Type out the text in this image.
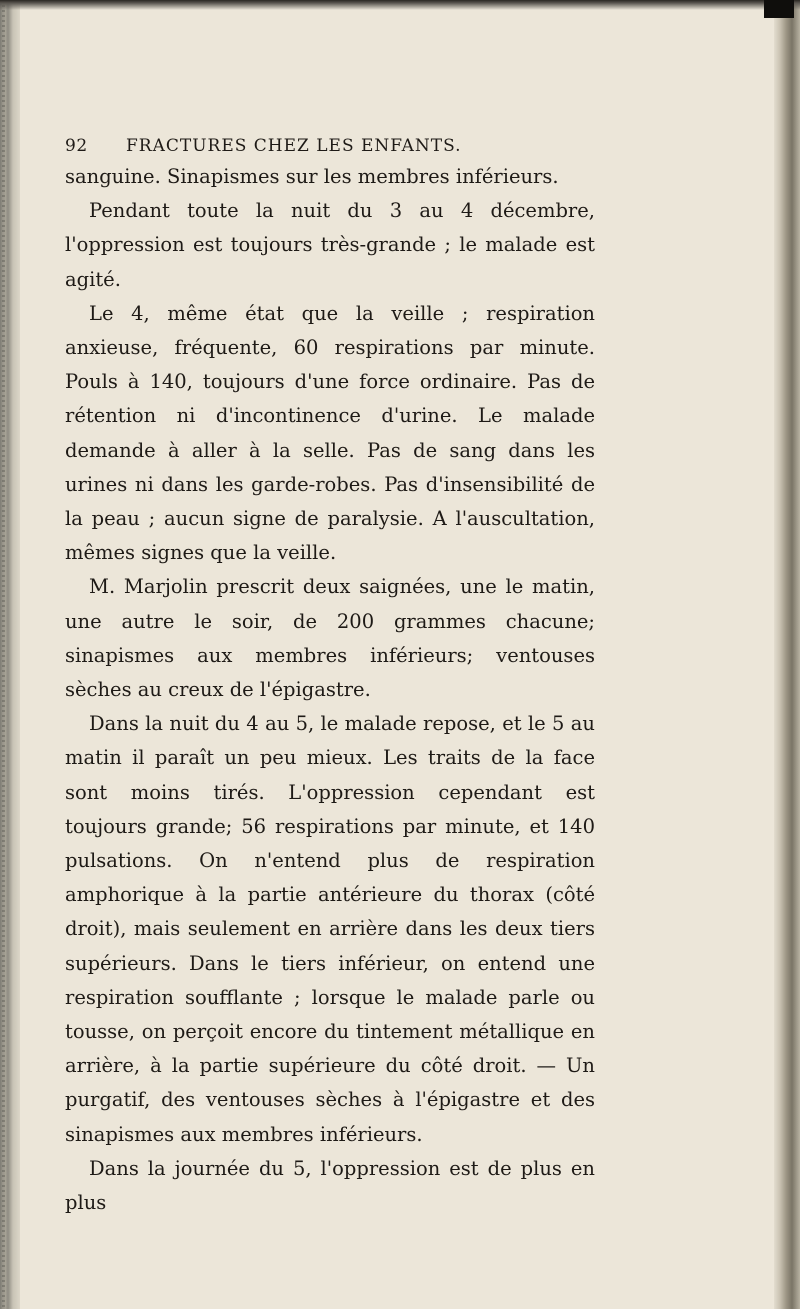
92 FRACTURES CHEZ LES ENFANTS.

sanguine. Sinapismes sur les membres inférieurs.

Pendant toute la nuit du 3 au 4 décembre, l'oppression est toujours très-grande ; le malade est agité.

Le 4, même état que la veille ; respiration anxieuse, fréquente, 60 respirations par minute. Pouls à 140, toujours d'une force ordinaire. Pas de rétention ni d'incontinence d'urine. Le malade demande à aller à la selle. Pas de sang dans les urines ni dans les garde-robes. Pas d'insensibilité de la peau ; aucun signe de paralysie. A l'auscultation, mêmes signes que la veille.

M. Marjolin prescrit deux saignées, une le matin, une autre le soir, de 200 grammes chacune; sinapismes aux membres inférieurs; ventouses sèches au creux de l'épigastre.

Dans la nuit du 4 au 5, le malade repose, et le 5 au matin il paraît un peu mieux. Les traits de la face sont moins tirés. L'oppression cependant est toujours grande; 56 respirations par minute, et 140 pulsations. On n'entend plus de respiration amphorique à la partie antérieure du thorax (côté droit), mais seulement en arrière dans les deux tiers supérieurs. Dans le tiers inférieur, on entend une respiration soufflante ; lorsque le malade parle ou tousse, on perçoit encore du tintement métallique en arrière, à la partie supérieure du côté droit. — Un purgatif, des ventouses sèches à l'épigastre et des sinapismes aux membres inférieurs.

Dans la journée du 5, l'oppression est de plus en plus
